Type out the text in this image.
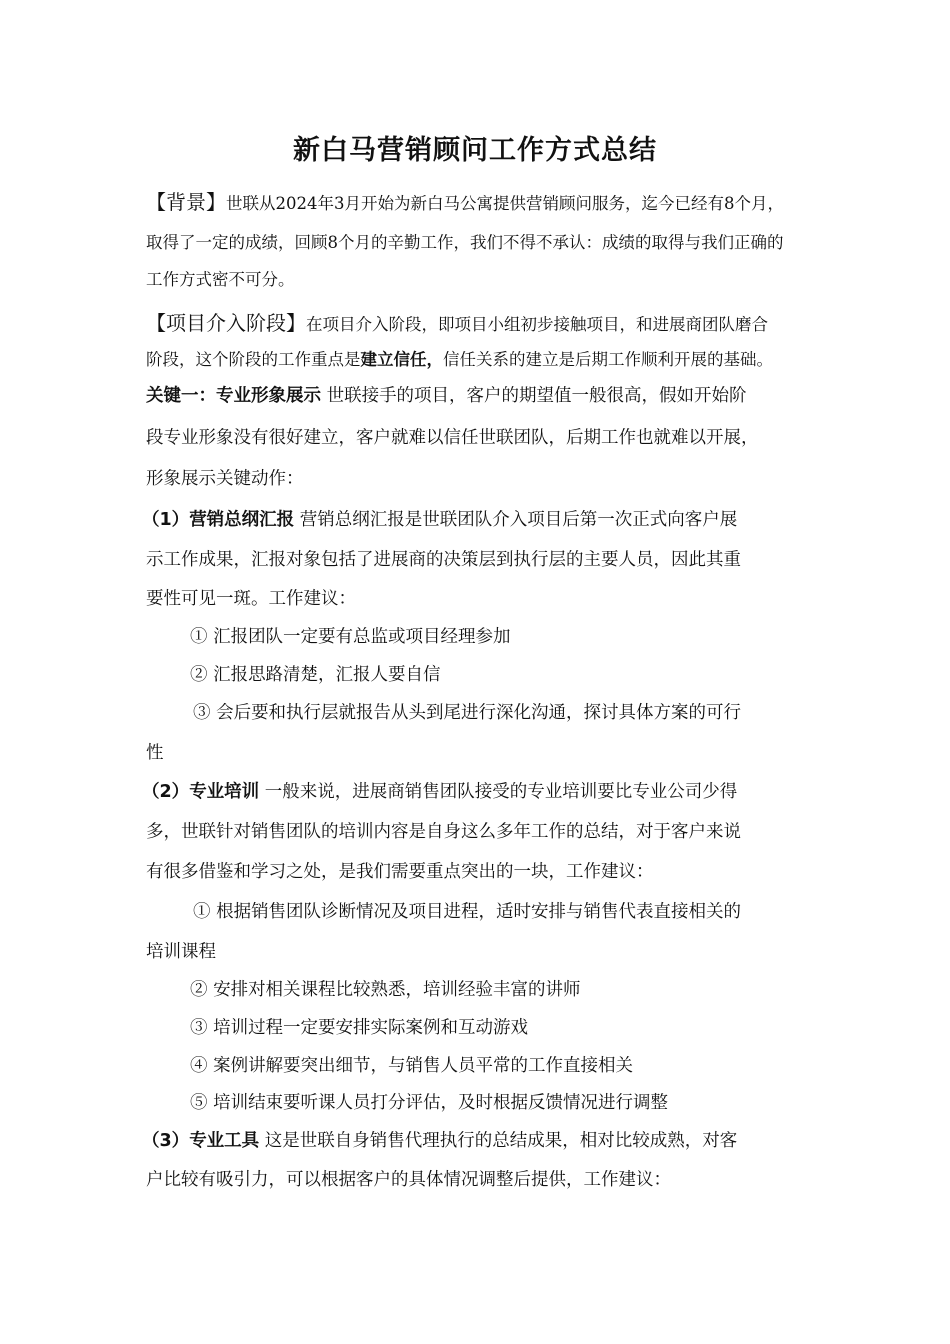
新白马营销顾问工作方式总结
【背景】世联从2024年3月开始为新白马公寓提供营销顾问服务，迄今已经有8个月，
取得了一定的成绩，回顾8个月的辛勤工作，我们不得不承认：成绩的取得与我们正确的
工作方式密不可分。
【项目介入阶段】在项目介入阶段，即项目小组初步接触项目，和进展商团队磨合
阶段，这个阶段的工作重点是建立信任，信任关系的建立是后期工作顺利开展的基础。
关键一：专业形象展示 世联接手的项目，客户的期望值一般很高，假如开始阶
段专业形象没有很好建立，客户就难以信任世联团队，后期工作也就难以开展，
形象展示关键动作：
（1）营销总纲汇报 营销总纲汇报是世联团队介入项目后第一次正式向客户展
示工作成果，汇报对象包括了进展商的决策层到执行层的主要人员，因此其重
要性可见一斑。工作建议：
① 汇报团队一定要有总监或项目经理参加
② 汇报思路清楚，汇报人要自信
③ 会后要和执行层就报告从头到尾进行深化沟通，探讨具体方案的可行
性
（2）专业培训 一般来说，进展商销售团队接受的专业培训要比专业公司少得
多，世联针对销售团队的培训内容是自身这么多年工作的总结，对于客户来说
有很多借鉴和学习之处，是我们需要重点突出的一块，工作建议：
① 根据销售团队诊断情况及项目进程，适时安排与销售代表直接相关的
培训课程
② 安排对相关课程比较熟悉，培训经验丰富的讲师
③ 培训过程一定要安排实际案例和互动游戏
④ 案例讲解要突出细节，与销售人员平常的工作直接相关
⑤ 培训结束要听课人员打分评估，及时根据反馈情况进行调整
（3）专业工具 这是世联自身销售代理执行的总结成果，相对比较成熟，对客
户比较有吸引力，可以根据客户的具体情况调整后提供，工作建议：
